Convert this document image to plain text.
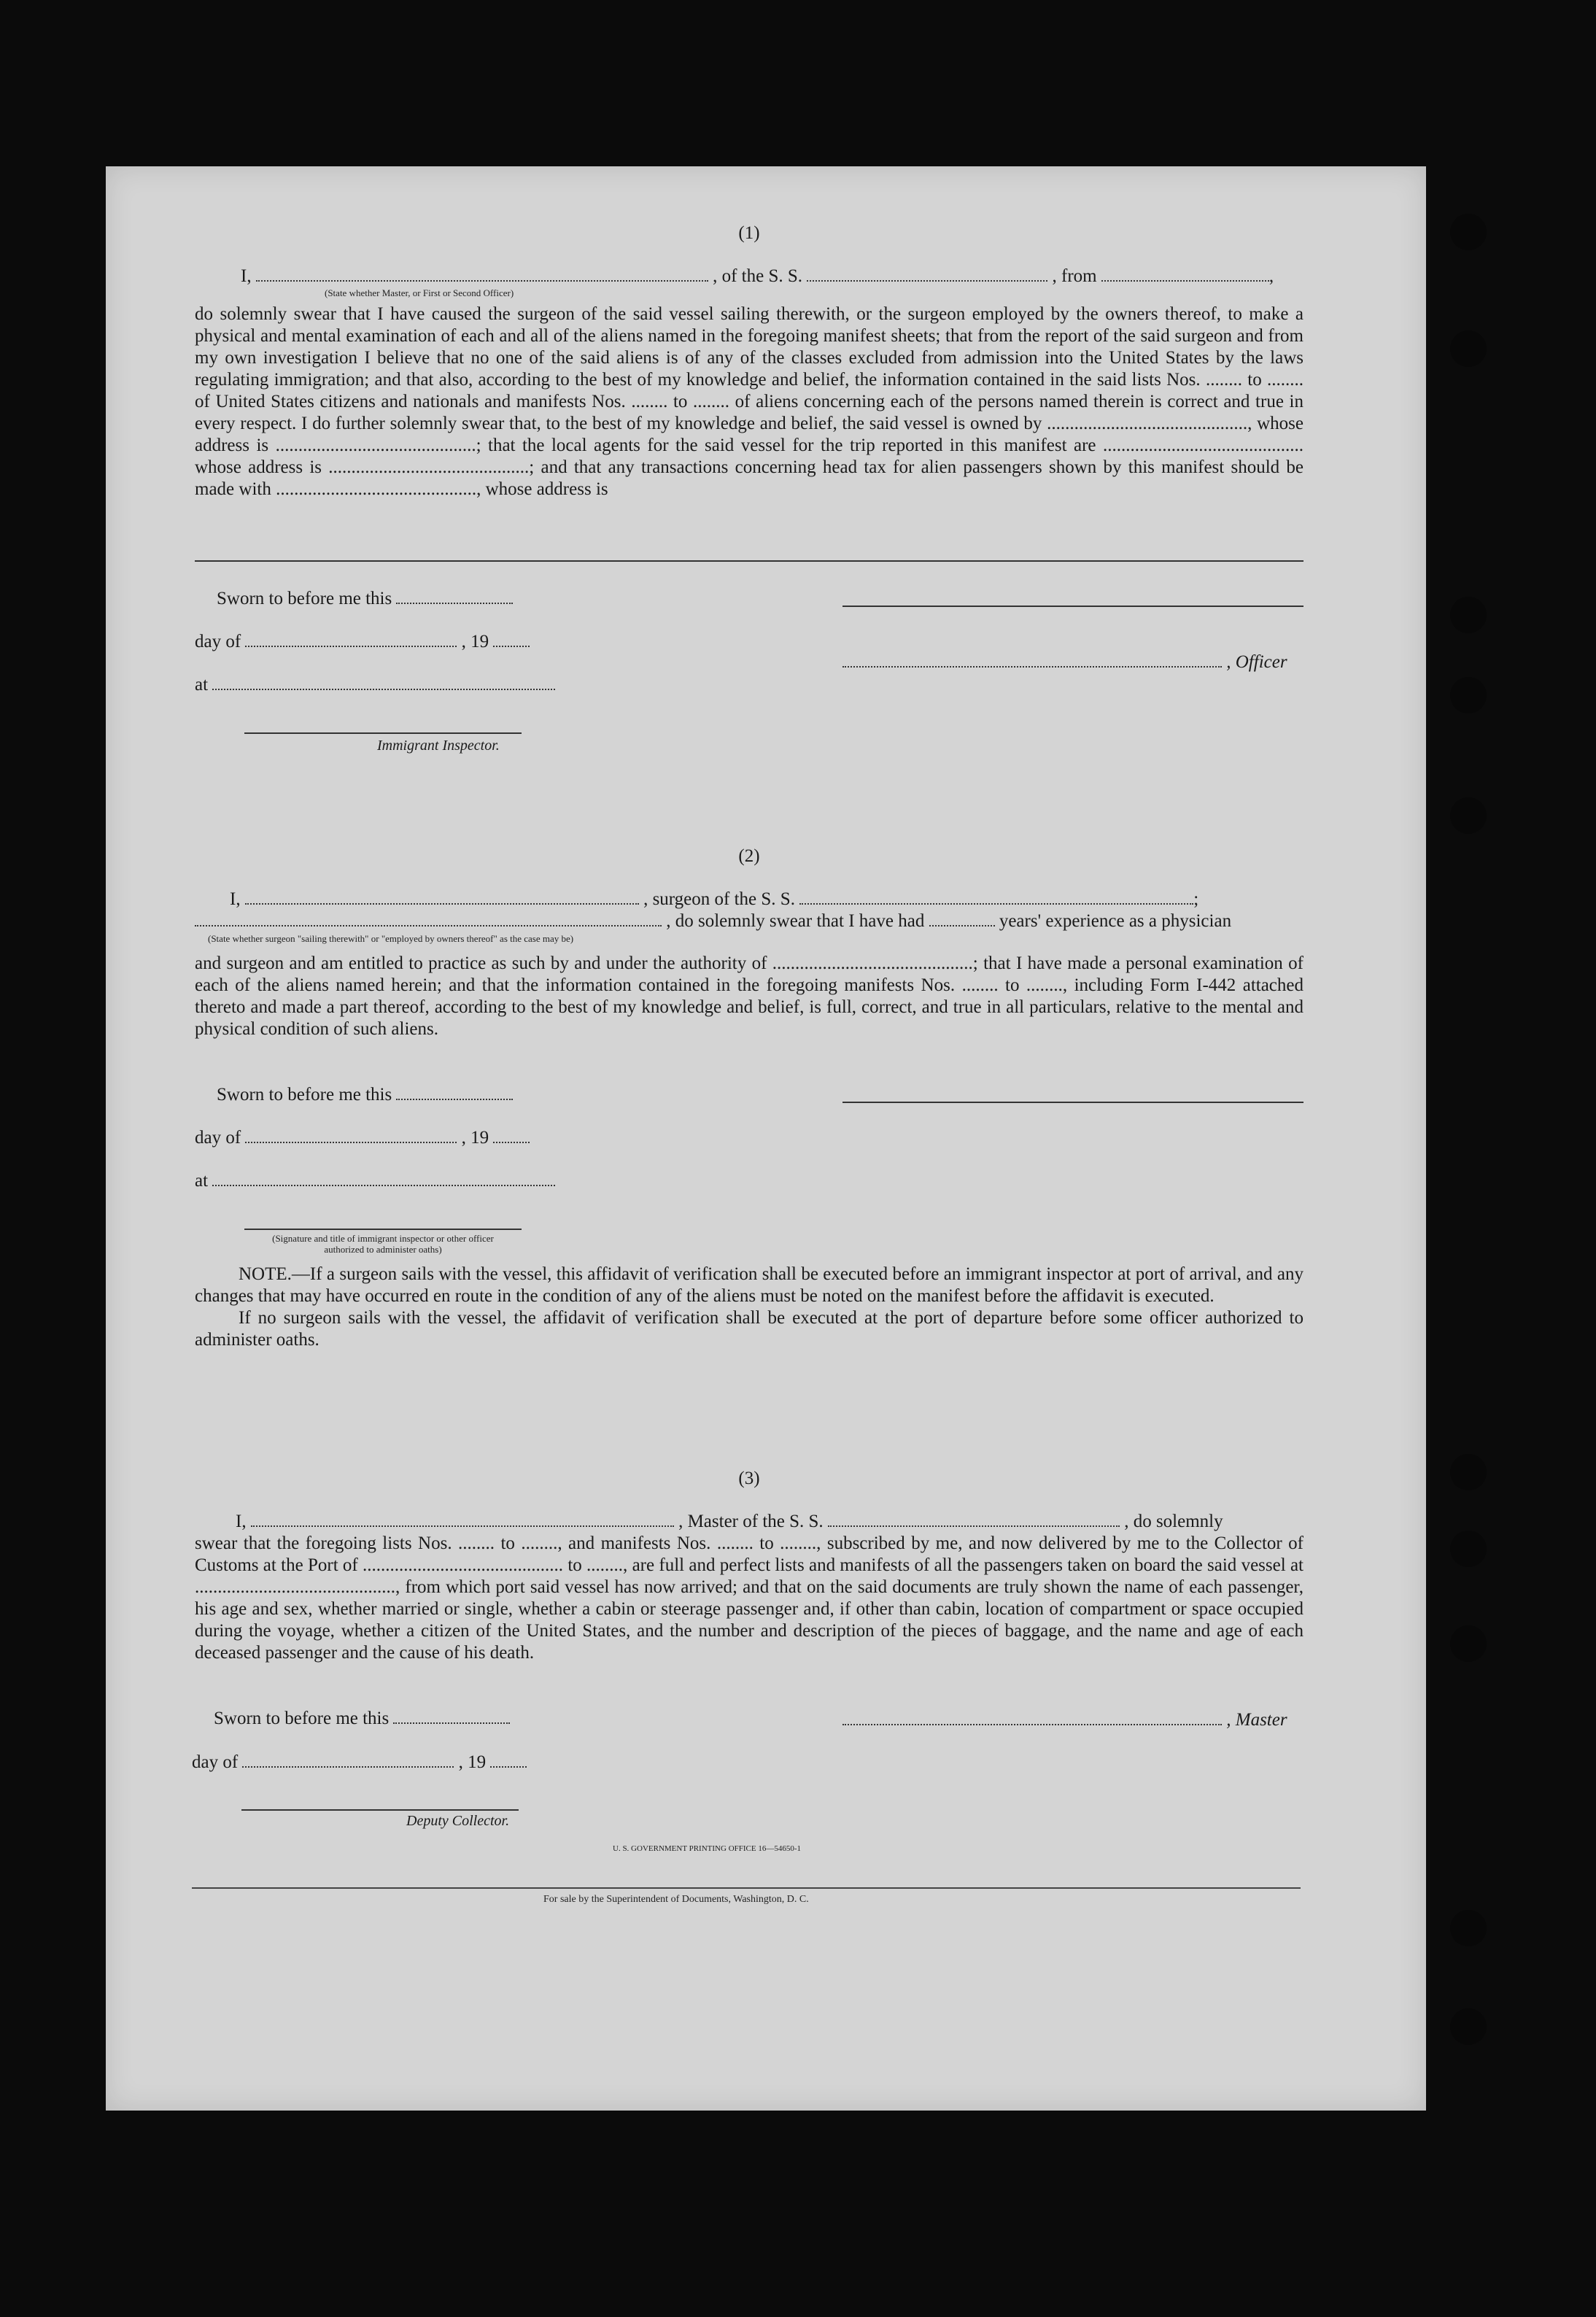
(1)
I,	, of the S. S.	, from	,
(State whether Master, or First or Second Officer)

do solemnly swear that I have caused the surgeon of the said vessel sailing therewith, or the surgeon employed by the owners thereof, to make a physical and mental examination of each and all of the aliens named in the foregoing manifest sheets; that from the report of the said surgeon and from my own investigation I believe that no one of the said aliens is of any of the classes excluded from admission into the United States by the laws regulating immigration; and that also, according to the best of my knowledge and belief, the information contained in the said lists Nos. ........ to ........ of United States citizens and nationals and manifests Nos. ........ to ........ of aliens concerning each of the persons named therein is correct and true in every respect. I do further solemnly swear that, to the best of my knowledge and belief, the said vessel is owned by ............................................, whose address is ............................................; that the local agents for the said vessel for the trip reported in this manifest are ............................................ whose address is ............................................; and that any transactions concerning head tax for alien passengers shown by this manifest should be made with ............................................, whose address is

Sworn to before me this
day of	, 19
, Officer
at
Immigrant Inspector.
(2)
I,	, surgeon of the S. S.	;
, do solemnly swear that I have had	years' experience as a physician
(State whether surgeon "sailing therewith" or "employed by owners thereof" as the case may be)

and surgeon and am entitled to practice as such by and under the authority of ............................................; that I have made a personal examination of each of the aliens named herein; and that the information contained in the foregoing manifests Nos. ........ to ........, including Form I-442 attached thereto and made a part thereof, according to the best of my knowledge and belief, is full, correct, and true in all particulars, relative to the mental and physical condition of such aliens.

Sworn to before me this
day of	, 19
at
(Signature and title of immigrant inspector or other officer authorized to administer oaths)

NOTE.—If a surgeon sails with the vessel, this affidavit of verification shall be executed before an immigrant inspector at port of arrival, and any changes that may have occurred en route in the condition of any of the aliens must be noted on the manifest before the affidavit is executed.

If no surgeon sails with the vessel, the affidavit of verification shall be executed at the port of departure before some officer authorized to administer oaths.

(3)
I,	, Master of the S. S.	, do solemnly

swear that the foregoing lists Nos. ........ to ........, and manifests Nos. ........ to ........, subscribed by me, and now delivered by me to the Collector of Customs at the Port of ............................................ to ........, are full and perfect lists and manifests of all the passengers taken on board the said vessel at ............................................, from which port said vessel has now arrived; and that on the said documents are truly shown the name of each passenger, his age and sex, whether married or single, whether a cabin or steerage passenger and, if other than cabin, location of compartment or space occupied during the voyage, whether a citizen of the United States, and the number and description of the pieces of baggage, and the name and age of each deceased passenger and the cause of his death.

Sworn to before me this	, Master
day of	, 19
Deputy Collector.
U. S. GOVERNMENT PRINTING OFFICE 16—54650-1
For sale by the Superintendent of Documents, Washington, D. C.
